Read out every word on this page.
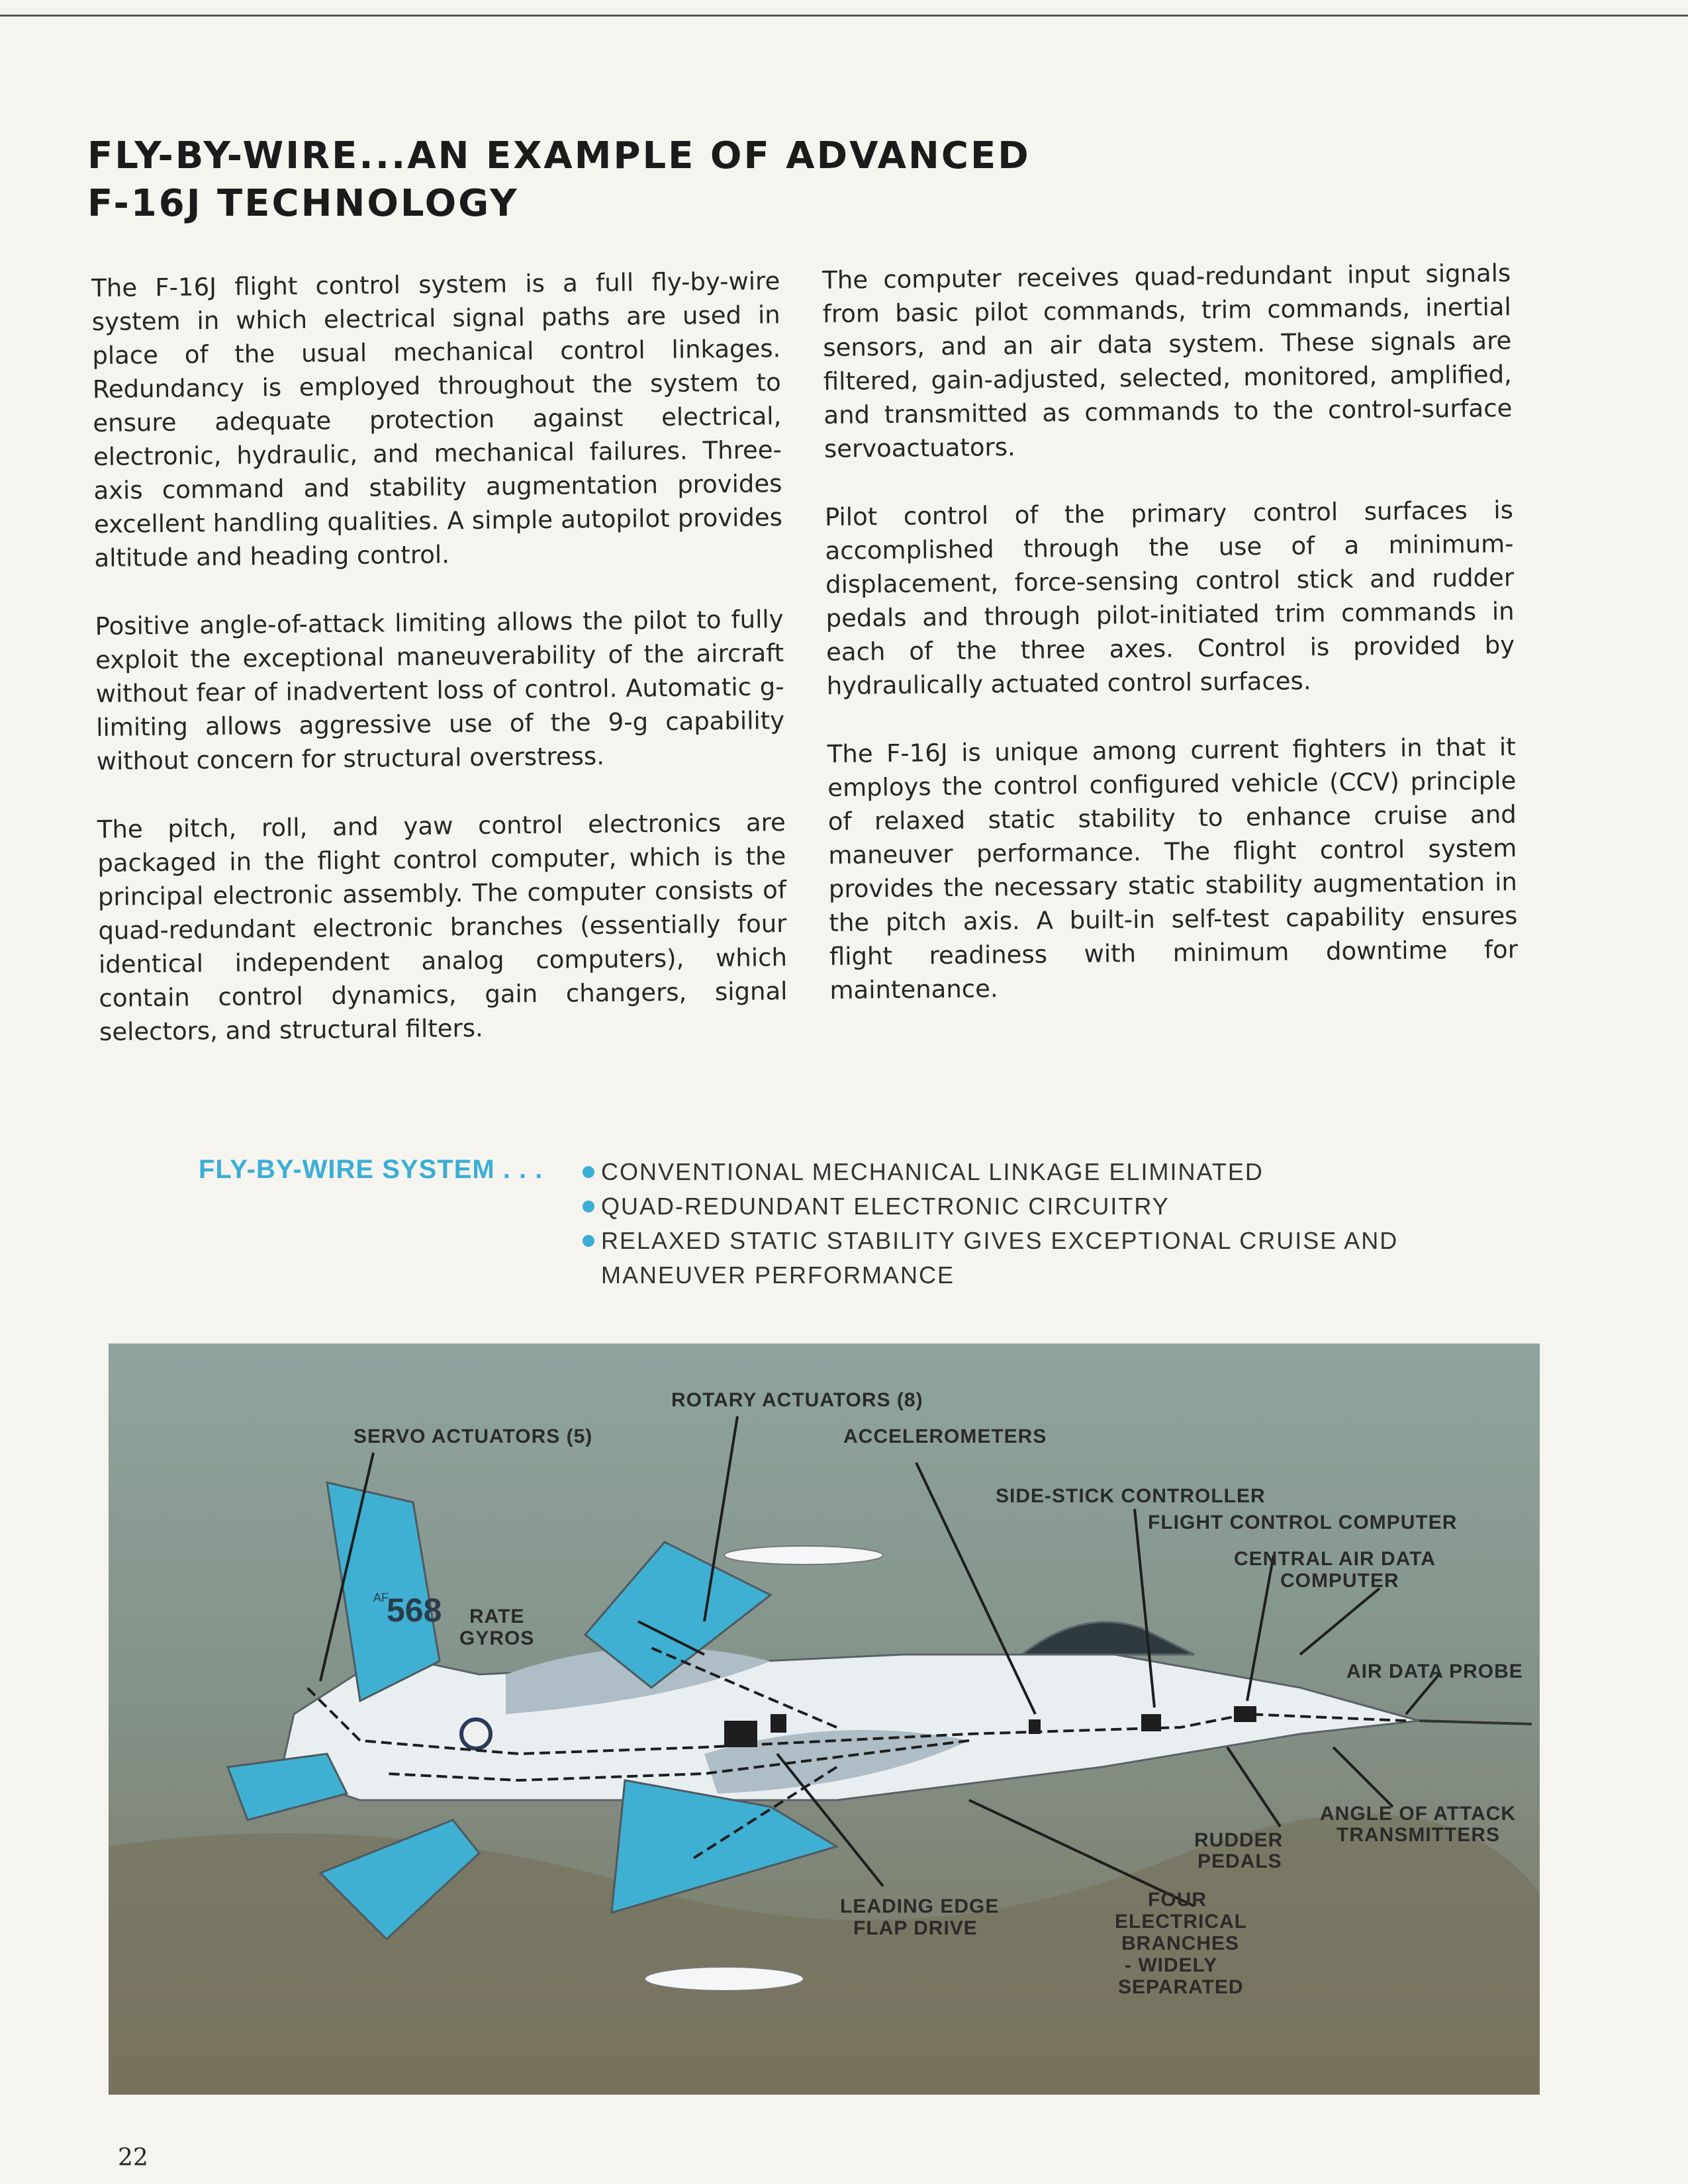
FLY-BY-WIRE...AN EXAMPLE OF ADVANCED
F-16J TECHNOLOGY

The F-16J flight control system is a full fly-by-wire system in which electrical signal paths are used in place of the usual mechanical control linkages. Redundancy is employed throughout the system to ensure adequate protection against electrical, electronic, hydraulic, and mechanical failures. Three-axis command and stability augmentation provides excellent handling qualities. A simple autopilot provides altitude and heading control.

Positive angle-of-attack limiting allows the pilot to fully exploit the exceptional maneuverability of the aircraft without fear of inadvertent loss of control. Automatic g-limiting allows aggressive use of the 9-g capability without concern for structural overstress.

The pitch, roll, and yaw control electronics are packaged in the flight control computer, which is the principal electronic assembly. The computer consists of quad-redundant electronic branches (essentially four identical independent analog computers), which contain control dynamics, gain changers, signal selectors, and structural filters.

The computer receives quad-redundant input signals from basic pilot commands, trim commands, inertial sensors, and an air data system. These signals are filtered, gain-adjusted, selected, monitored, amplified, and transmitted as commands to the control-surface servoactuators.

Pilot control of the primary control surfaces is accomplished through the use of a minimum-displacement, force-sensing control stick and rudder pedals and through pilot-initiated trim commands in each of the three axes. Control is provided by hydraulically actuated control surfaces.

The F-16J is unique among current fighters in that it employs the control configured vehicle (CCV) principle of relaxed static stability to enhance cruise and maneuver performance. The flight control system provides the necessary static stability augmentation in the pitch axis. A built-in self-test capability ensures flight readiness with minimum downtime for maintenance.

FLY-BY-WIRE SYSTEM . . .	CONVENTIONAL MECHANICAL LINKAGE ELIMINATED
QUAD-REDUNDANT ELECTRONIC CIRCUITRY
RELAXED STATIC STABILITY GIVES EXCEPTIONAL CRUISE AND MANEUVER PERFORMANCE
AF
568
SERVO ACTUATORS (5)
ROTARY ACTUATORS (8)
ACCELEROMETERS
SIDE-STICK CONTROLLER
FLIGHT CONTROL COMPUTER
CENTRAL AIR DATA
COMPUTER
RATE
GYROS
AIR DATA PROBE
ANGLE OF ATTACK
TRANSMITTERS
RUDDER
PEDALS
LEADING EDGE
FLAP DRIVE
FOUR
ELECTRICAL
BRANCHES
- WIDELY
SEPARATED
22
